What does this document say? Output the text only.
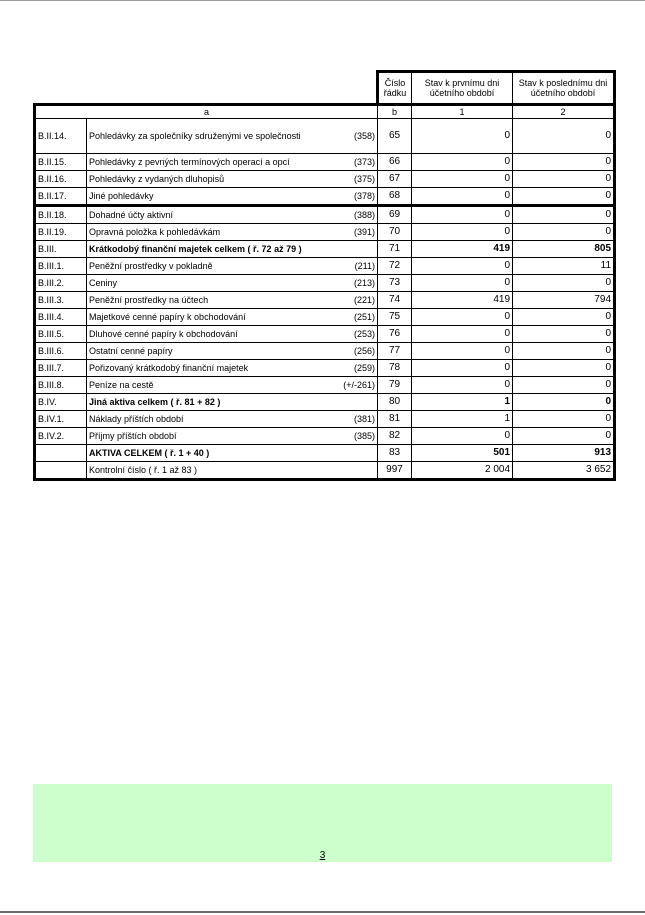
			Číslo řádku	Stav k prvnímu dni účetního období	Stav k poslednímu dni účetního období
a			b	1	2
B.II.14.	Pohledávky za společníky sdruženými ve společnosti	(358)	65	0	0
B.II.15.	Pohledávky z pevných termínových operací a opcí	(373)	66	0	0
B.II.16.	Pohledávky z vydaných dluhopisů	(375)	67	0	0
B.II.17.	Jiné pohledávky	(378)	68	0	0
B.II.18.	Dohadné účty aktivní	(388)	69	0	0
B.II.19.	Opravná položka k pohledávkám	(391)	70	0	0
B.III.	Krátkodobý finanční majetek celkem ( ř. 72 až 79 )		71	419	805
B.III.1.	Peněžní prostředky v pokladně	(211)	72	0	11
B.III.2.	Ceniny	(213)	73	0	0
B.III.3.	Peněžní prostředky na účtech	(221)	74	419	794
B.III.4.	Majetkové cenné papíry k obchodování	(251)	75	0	0
B.III.5.	Dluhové cenné papíry k obchodování	(253)	76	0	0
B.III.6.	Ostatní cenné papíry	(256)	77	0	0
B.III.7.	Pořizovaný krátkodobý finanční majetek	(259)	78	0	0
B.III.8.	Peníze na cestě	(+/-261)	79	0	0
B.IV.	Jiná aktiva celkem ( ř. 81 + 82 )		80	1	0
B.IV.1.	Náklady příštích období	(381)	81	1	0
B.IV.2.	Příjmy příštích období	(385)	82	0	0
	AKTIVA CELKEM ( ř. 1 + 40 )		83	501	913
	Kontrolní číslo ( ř. 1 až 83 )		997	2 004	3 652
3
